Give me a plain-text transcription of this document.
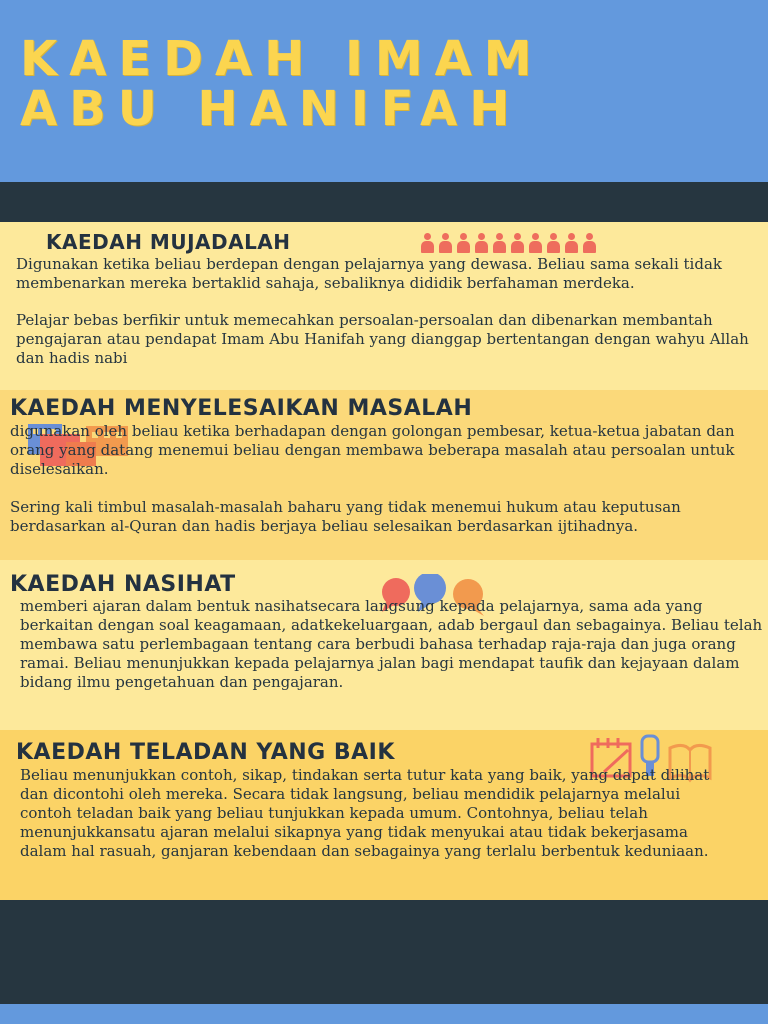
KAEDAH IMAM
ABU HANIFAH
KAEDAH MUJADALAH

Digunakan ketika beliau berdepan dengan pelajarnya yang dewasa. Beliau sama sekali tidak membenarkan mereka bertaklid sahaja, sebaliknya dididik berfahaman merdeka.

Pelajar bebas berfikir untuk memecahkan persoalan-persoalan dan dibenarkan membantah pengajaran atau pendapat Imam Abu Hanifah yang dianggap bertentangan dengan wahyu Allah dan hadis nabi

KAEDAH MENYELESAIKAN MASALAH

digunakan oleh beliau ketika berhadapan dengan golongan pembesar, ketua-ketua jabatan dan orang yang datang menemui beliau dengan membawa beberapa masalah atau persoalan untuk diselesaikan.

Sering kali timbul masalah-masalah baharu yang tidak menemui hukum atau keputusan berdasarkan al-Quran dan hadis berjaya beliau selesaikan berdasarkan ijtihadnya.

KAEDAH NASIHAT

memberi ajaran dalam bentuk nasihatsecara langsung kepada pelajarnya, sama ada yang berkaitan dengan soal keagamaan, adatkekeluargaan, adab bergaul dan sebagainya. Beliau telah membawa satu perlembagaan tentang cara berbudi bahasa terhadap raja-raja dan juga orang ramai. Beliau menunjukkan kepada pelajarnya jalan bagi mendapat taufik dan kejayaan dalam bidang ilmu pengetahuan dan pengajaran.

KAEDAH TELADAN YANG BAIK

Beliau menunjukkan contoh, sikap, tindakan serta tutur kata yang baik, yang dapat dilihat dan dicontohi oleh mereka. Secara tidak langsung, beliau mendidik pelajarnya melalui contoh teladan baik yang beliau tunjukkan kepada umum. Contohnya, beliau telah menunjukkansatu ajaran melalui sikapnya yang tidak menyukai atau tidak bekerjasama dalam hal rasuah, ganjaran kebendaan dan sebagainya yang terlalu berbentuk keduniaan.
